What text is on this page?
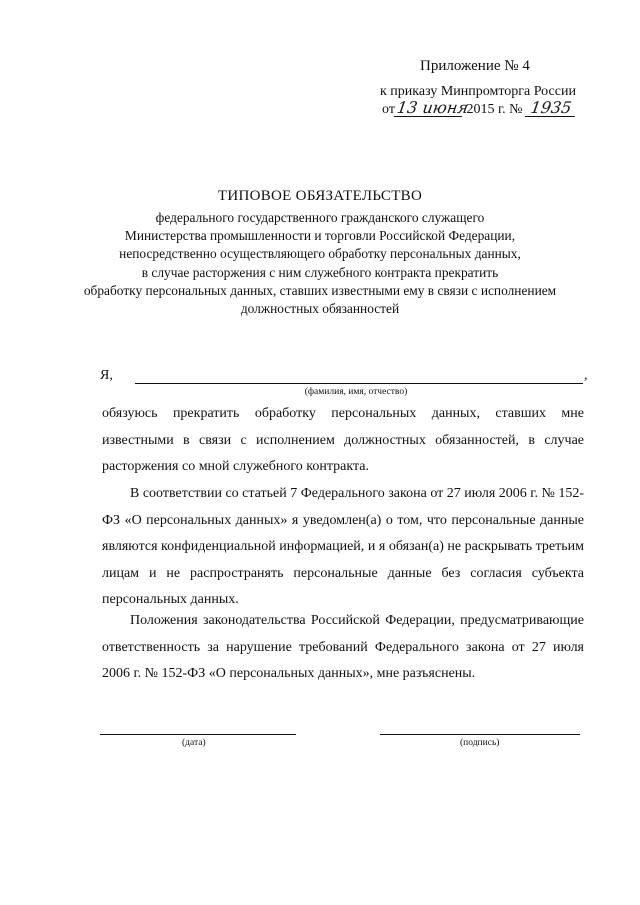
Приложение № 4
к приказу Минпромторга России
от13 июня 2015 г. № 1935
ТИПОВОЕ ОБЯЗАТЕЛЬСТВО
федерального государственного гражданского служащего
Министерства промышленности и торговли Российской Федерации,
непосредственно осуществляющего обработку персональных данных,
в случае расторжения с ним служебного контракта прекратить
обработку персональных данных, ставших известными ему в связи с исполнением
должностных обязанностей
Я,	,
(фамилия, имя, отчество)
обязуюсь прекратить обработку персональных данных, ставших мне известными в связи с исполнением должностных обязанностей, в случае расторжения со мной служебного контракта.
В соответствии со статьей 7 Федерального закона от 27 июля 2006 г. № 152-ФЗ «О персональных данных» я уведомлен(а) о том, что персональные данные являются конфиденциальной информацией, и я обязан(а) не раскрывать третьим лицам и не распространять персональные данные без согласия субъекта персональных данных.
Положения законодательства Российской Федерации, предусматривающие ответственность за нарушение требований Федерального закона от 27 июля 2006 г. № 152-ФЗ «О персональных данных», мне разъяснены.
(дата)	(подпись)
